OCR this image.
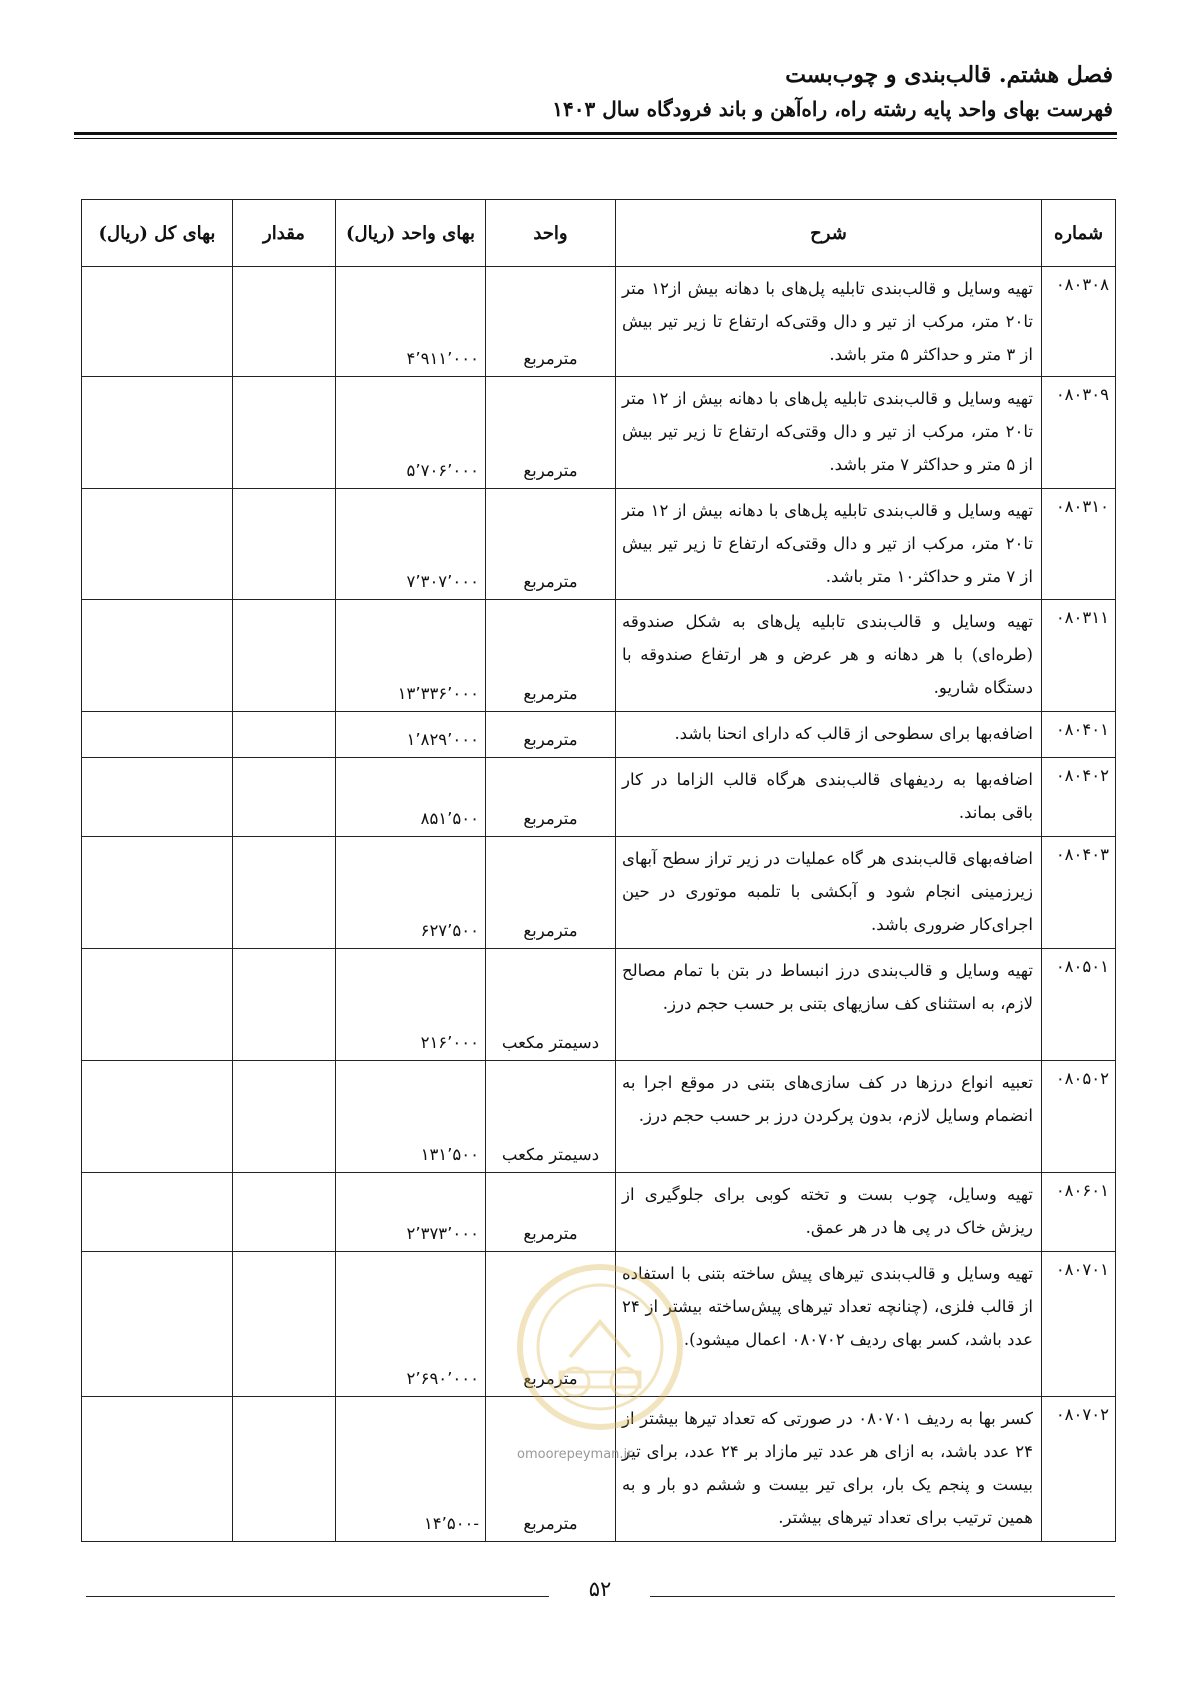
فصل هشتم. قالب‌بندی و چوب‌بست
فهرست بهای واحد پایه رشته راه، راه‌آهن و باند فرودگاه سال ۱۴۰۳
شماره	شرح	واحد	بهای واحد (ریال)	مقدار	بهای کل (ریال)
۰۸۰۳۰۸	تهیه وسایل و قالب‌بندی تابلیه پل‌های با دهانه بیش از۱۲ متر تا۲۰ متر، مرکب از تیر و دال وقتی‌که ارتفاع تا زیر تیر بیش از ۳ متر و حداکثر ۵ متر باشد.	مترمربع	۴٬۹۱۱٬۰۰۰		
۰۸۰۳۰۹	تهیه وسایل و قالب‌بندی تابلیه پل‌های با دهانه بیش از ۱۲ متر تا۲۰ متر، مرکب از تیر و دال وقتی‌که ارتفاع تا زیر تیر بیش از ۵ متر و حداکثر ۷ متر باشد.	مترمربع	۵٬۷۰۶٬۰۰۰		
۰۸۰۳۱۰	تهیه وسایل و قالب‌بندی تابلیه پل‌های با دهانه بیش از ۱۲ متر تا۲۰ متر، مرکب از تیر و دال وقتی‌که ارتفاع تا زیر تیر بیش از ۷ متر و حداکثر۱۰ متر باشد.	مترمربع	۷٬۳۰۷٬۰۰۰		
۰۸۰۳۱۱	تهیه وسایل و قالب‌بندی تابلیه پل‌های به شکل صندوقه (طره‌ای) با هر دهانه و هر عرض و هر ارتفاع صندوقه با دستگاه شاریو.	مترمربع	۱۳٬۳۳۶٬۰۰۰		
۰۸۰۴۰۱	اضافه‌بها برای سطوحی از قالب که دارای انحنا باشد.	مترمربع	۱٬۸۲۹٬۰۰۰		
۰۸۰۴۰۲	اضافه‌بها به ردیفهای قالب‌بندی هرگاه قالب الزاما در کار باقی بماند.	مترمربع	۸۵۱٬۵۰۰		
۰۸۰۴۰۳	اضافه‌بهای قالب‌بندی هر گاه عملیات در زیر تراز سطح آبهای زیرزمینی انجام شود و آبکشی با تلمبه موتوری در حین اجرای‌کار ضروری باشد.	مترمربع	۶۲۷٬۵۰۰		
۰۸۰۵۰۱	تهیه وسایل و قالب‌بندی درز انبساط در بتن با تمام مصالح لازم، به استثنای کف سازیهای بتنی بر حسب حجم درز.	دسیمتر مکعب	۲۱۶٬۰۰۰		
۰۸۰۵۰۲	تعبیه انواع درزها در کف سازی‌های بتنی در موقع اجرا به انضمام وسایل لازم، بدون پرکردن درز بر حسب حجم درز.	دسیمتر مکعب	۱۳۱٬۵۰۰		
۰۸۰۶۰۱	تهیه وسایل، چوب بست و تخته کوبی برای جلوگیری از ریزش خاک در پی ها در هر عمق.	مترمربع	۲٬۳۷۳٬۰۰۰		
۰۸۰۷۰۱	تهیه وسایل و قالب‌بندی تیرهای پیش ساخته بتنی با استفاده از قالب فلزی، (چنانچه تعداد تیرهای پیش‌ساخته بیشتر از ۲۴ عدد باشد، کسر بهای ردیف ۰۸۰۷۰۲ اعمال میشود).	مترمربع	۲٬۶۹۰٬۰۰۰		
۰۸۰۷۰۲	کسر بها به ردیف ۰۸۰۷۰۱ در صورتی که تعداد تیرها بیشتر از ۲۴ عدد باشد، به ازای هر عدد تیر مازاد بر ۲۴ عدد، برای تیر بیست و پنجم یک بار، برای تیر بیست و ششم دو بار و به همین ترتیب برای تعداد تیرهای بیشتر.	مترمربع	-۱۴٬۵۰۰		
omoorepeyman.ir
۵۲
